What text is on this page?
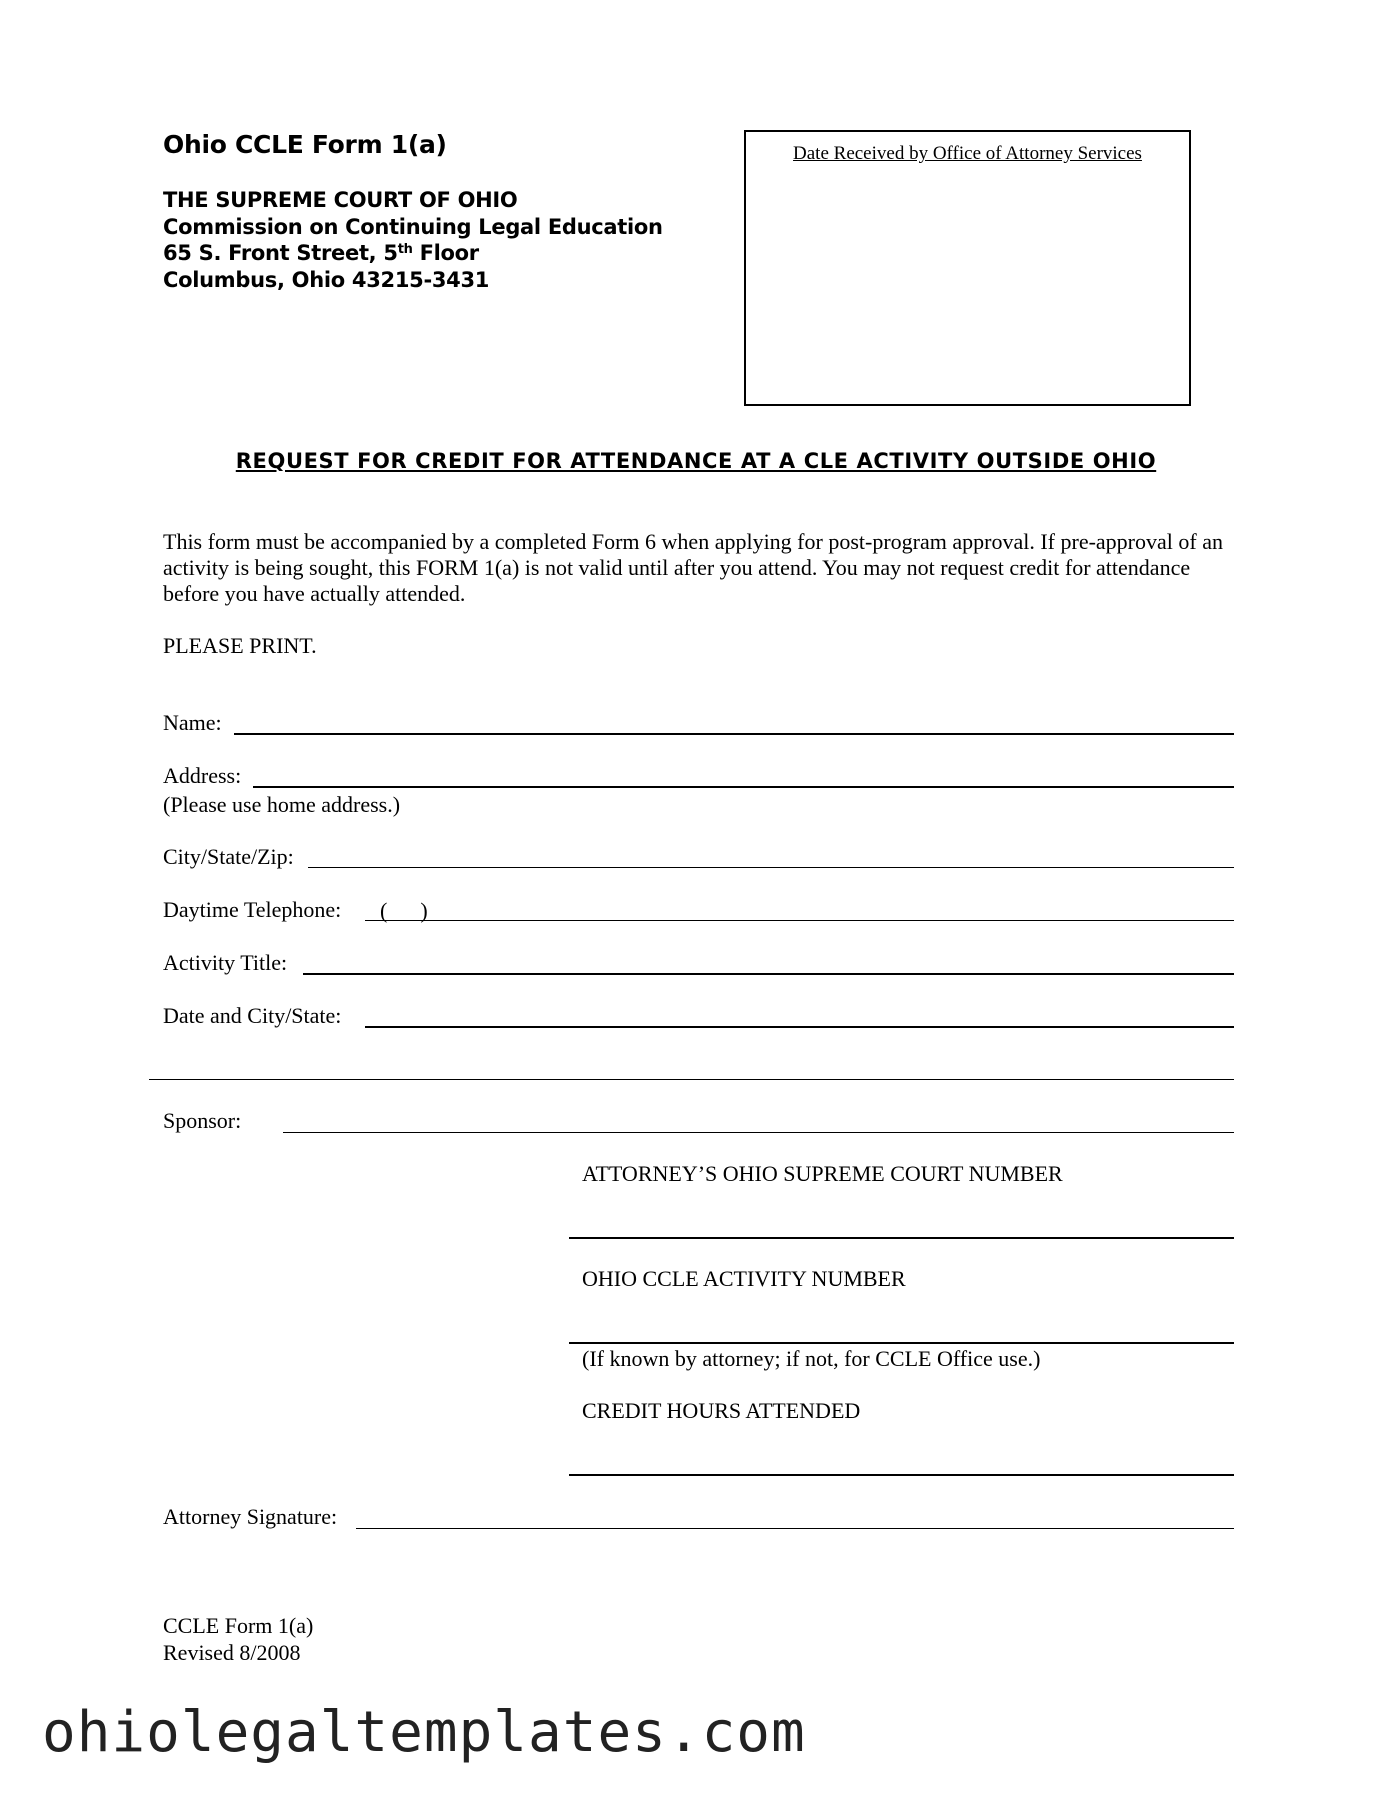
Ohio CCLE Form 1(a)
THE SUPREME COURT OF OHIO
Commission on Continuing Legal Education
65 S. Front Street, 5th Floor
Columbus, Ohio 43215-3431
Date Received by Office of Attorney Services
REQUEST FOR CREDIT FOR ATTENDANCE AT A CLE ACTIVITY OUTSIDE OHIO
This form must be accompanied by a completed Form 6 when applying for post-program approval. If pre-approval of an activity is being sought, this FORM 1(a) is not valid until after you attend. You may not request credit for attendance before you have actually attended.
PLEASE PRINT.
Name:
Address:
(Please use home address.)
City/State/Zip:
Daytime Telephone: (      )
Activity Title:
Date and City/State:
Sponsor:
ATTORNEY’S OHIO SUPREME COURT NUMBER
OHIO CCLE ACTIVITY NUMBER
(If known by attorney; if not, for CCLE Office use.)
CREDIT HOURS ATTENDED
Attorney Signature:
CCLE Form 1(a)
Revised 8/2008
ohiolegaltemplates.com
